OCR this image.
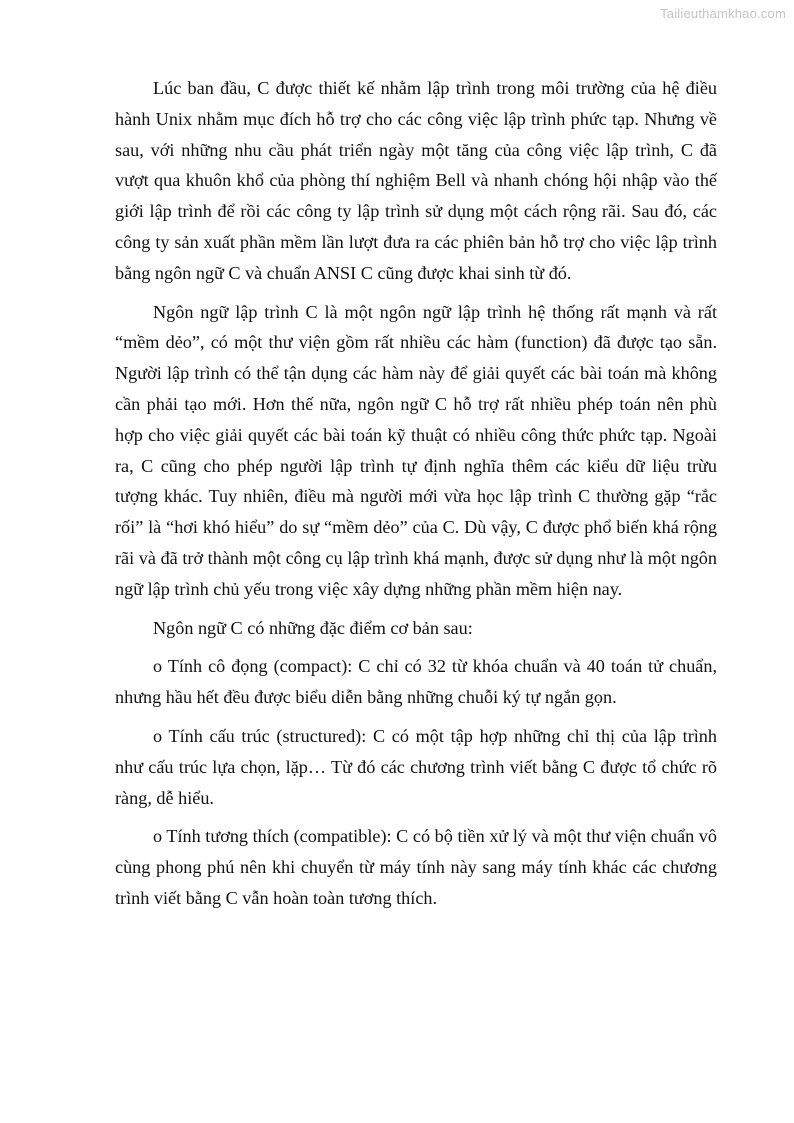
Tailieuthamkhao.com

Lúc ban đầu, C được thiết kế nhằm lập trình trong môi trường của hệ điều hành Unix nhằm mục đích hỗ trợ cho các công việc lập trình phức tạp. Nhưng về sau, với những nhu cầu phát triển ngày một tăng của công việc lập trình, C đã vượt qua khuôn khổ của phòng thí nghiệm Bell và nhanh chóng hội nhập vào thế giới lập trình để rồi các công ty lập trình sử dụng một cách rộng rãi. Sau đó, các công ty sản xuất phần mềm lần lượt đưa ra các phiên bản hỗ trợ cho việc lập trình bằng ngôn ngữ C và chuẩn ANSI C cũng được khai sinh từ đó.

Ngôn ngữ lập trình C là một ngôn ngữ lập trình hệ thống rất mạnh và rất “mềm dẻo”, có một thư viện gồm rất nhiều các hàm (function) đã được tạo sẵn. Người lập trình có thể tận dụng các hàm này để giải quyết các bài toán mà không cần phải tạo mới. Hơn thế nữa, ngôn ngữ C hỗ trợ rất nhiều phép toán nên phù hợp cho việc giải quyết các bài toán kỹ thuật có nhiều công thức phức tạp. Ngoài ra, C cũng cho phép người lập trình tự định nghĩa thêm các kiểu dữ liệu trừu tượng khác. Tuy nhiên, điều mà người mới vừa học lập trình C thường gặp “rắc rối” là “hơi khó hiểu” do sự “mềm dẻo” của C. Dù vậy, C được phổ biến khá rộng rãi và đã trở thành một công cụ lập trình khá mạnh, được sử dụng như là một ngôn ngữ lập trình chủ yếu trong việc xây dựng những phần mềm hiện nay.

Ngôn ngữ C có những đặc điểm cơ bản sau:

o Tính cô đọng (compact): C chỉ có 32 từ khóa chuẩn và 40 toán tử chuẩn, nhưng hầu hết đều được biểu diễn bằng những chuỗi ký tự ngắn gọn.

o Tính cấu trúc (structured): C có một tập hợp những chỉ thị của lập trình như cấu trúc lựa chọn, lặp… Từ đó các chương trình viết bằng C được tổ chức rõ ràng, dễ hiểu.

o Tính tương thích (compatible): C có bộ tiền xử lý và một thư viện chuẩn vô cùng phong phú nên khi chuyển từ máy tính này sang máy tính khác các chương trình viết bằng C vẫn hoàn toàn tương thích.
